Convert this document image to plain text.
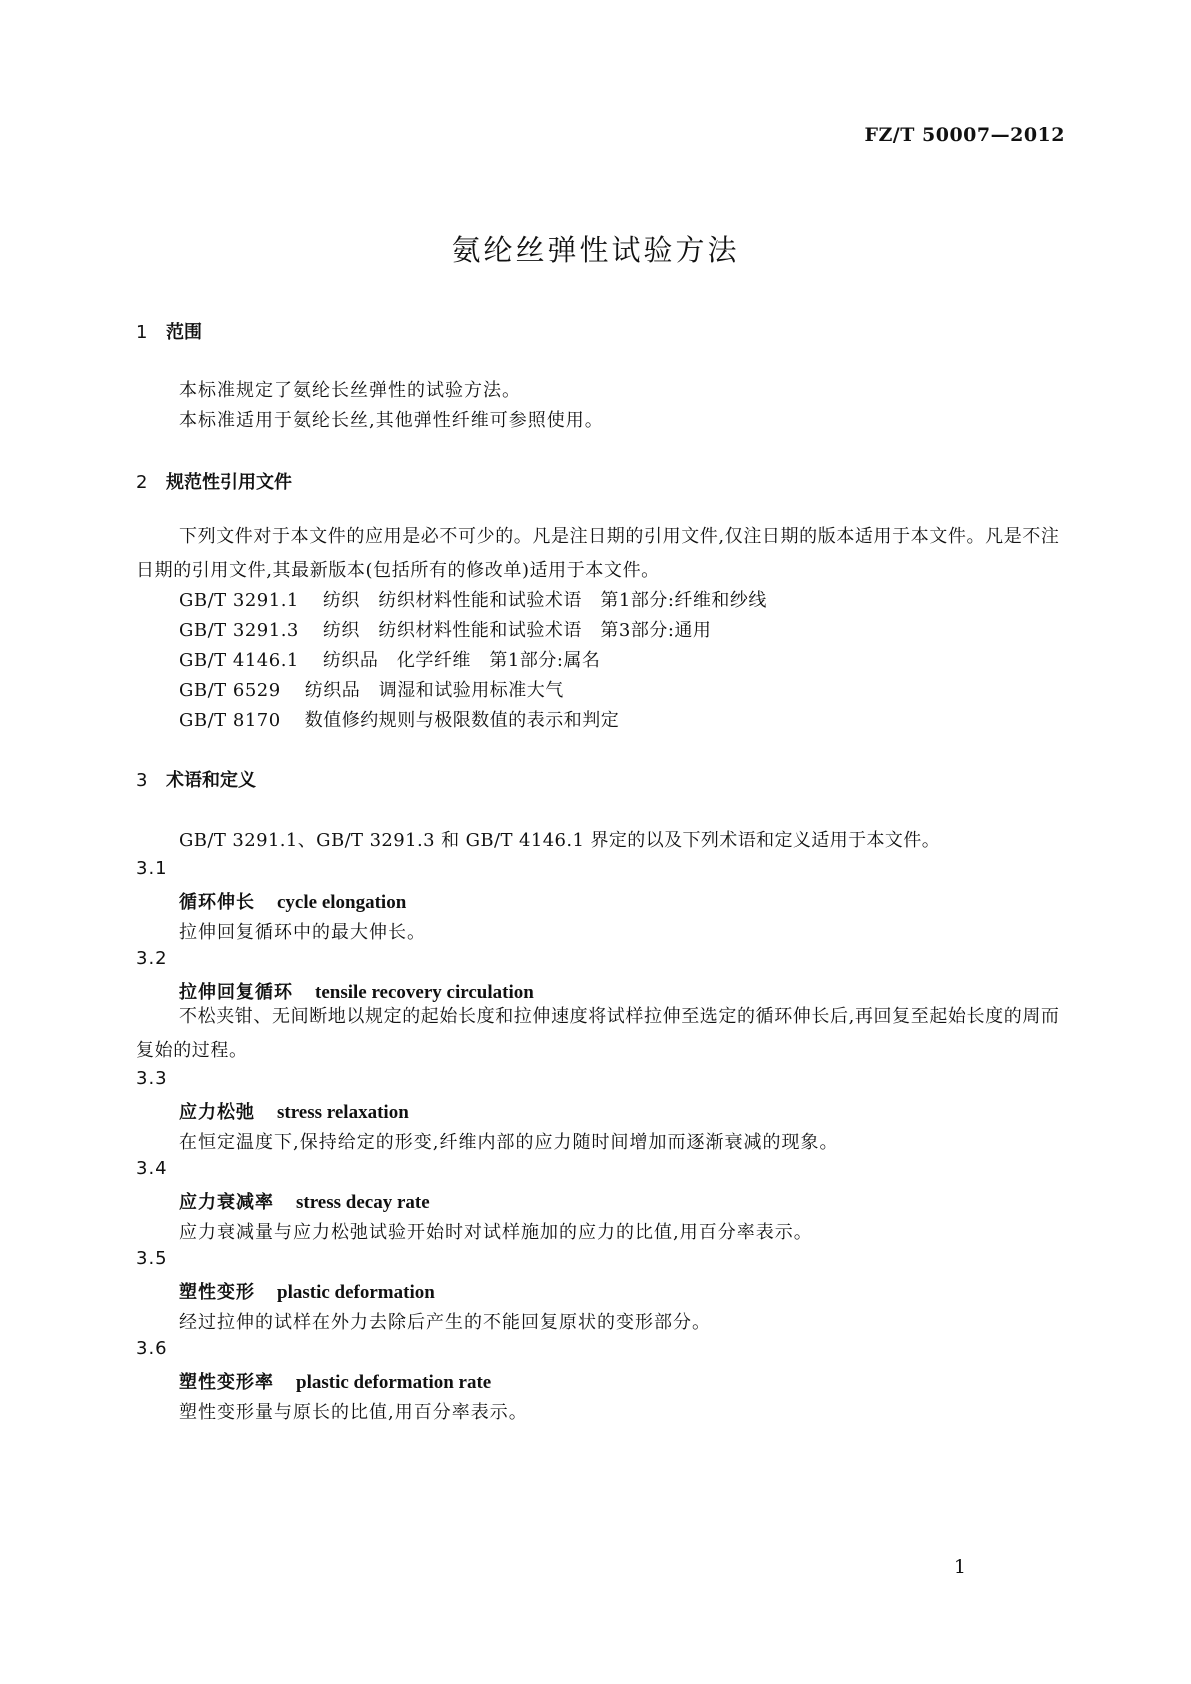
FZ/T 50007—2012
氨纶丝弹性试验方法
1 范围
本标准规定了氨纶长丝弹性的试验方法。
本标准适用于氨纶长丝,其他弹性纤维可参照使用。
2 规范性引用文件
下列文件对于本文件的应用是必不可少的。凡是注日期的引用文件,仅注日期的版本适用于本文件。凡是不注日期的引用文件,其最新版本(包括所有的修改单)适用于本文件。
GB/T 3291.1 纺织　纺织材料性能和试验术语　第1部分:纤维和纱线
GB/T 3291.3 纺织　纺织材料性能和试验术语　第3部分:通用
GB/T 4146.1 纺织品　化学纤维　第1部分:属名
GB/T 6529 纺织品　调湿和试验用标准大气
GB/T 8170 数值修约规则与极限数值的表示和判定
3 术语和定义
GB/T 3291.1、GB/T 3291.3 和 GB/T 4146.1 界定的以及下列术语和定义适用于本文件。
3.1
循环伸长 cycle elongation
拉伸回复循环中的最大伸长。
3.2
拉伸回复循环 tensile recovery circulation
不松夹钳、无间断地以规定的起始长度和拉伸速度将试样拉伸至选定的循环伸长后,再回复至起始长度的周而复始的过程。
3.3
应力松弛 stress relaxation
在恒定温度下,保持给定的形变,纤维内部的应力随时间增加而逐渐衰减的现象。
3.4
应力衰减率 stress decay rate
应力衰减量与应力松弛试验开始时对试样施加的应力的比值,用百分率表示。
3.5
塑性变形 plastic deformation
经过拉伸的试样在外力去除后产生的不能回复原状的变形部分。
3.6
塑性变形率 plastic deformation rate
塑性变形量与原长的比值,用百分率表示。
1
